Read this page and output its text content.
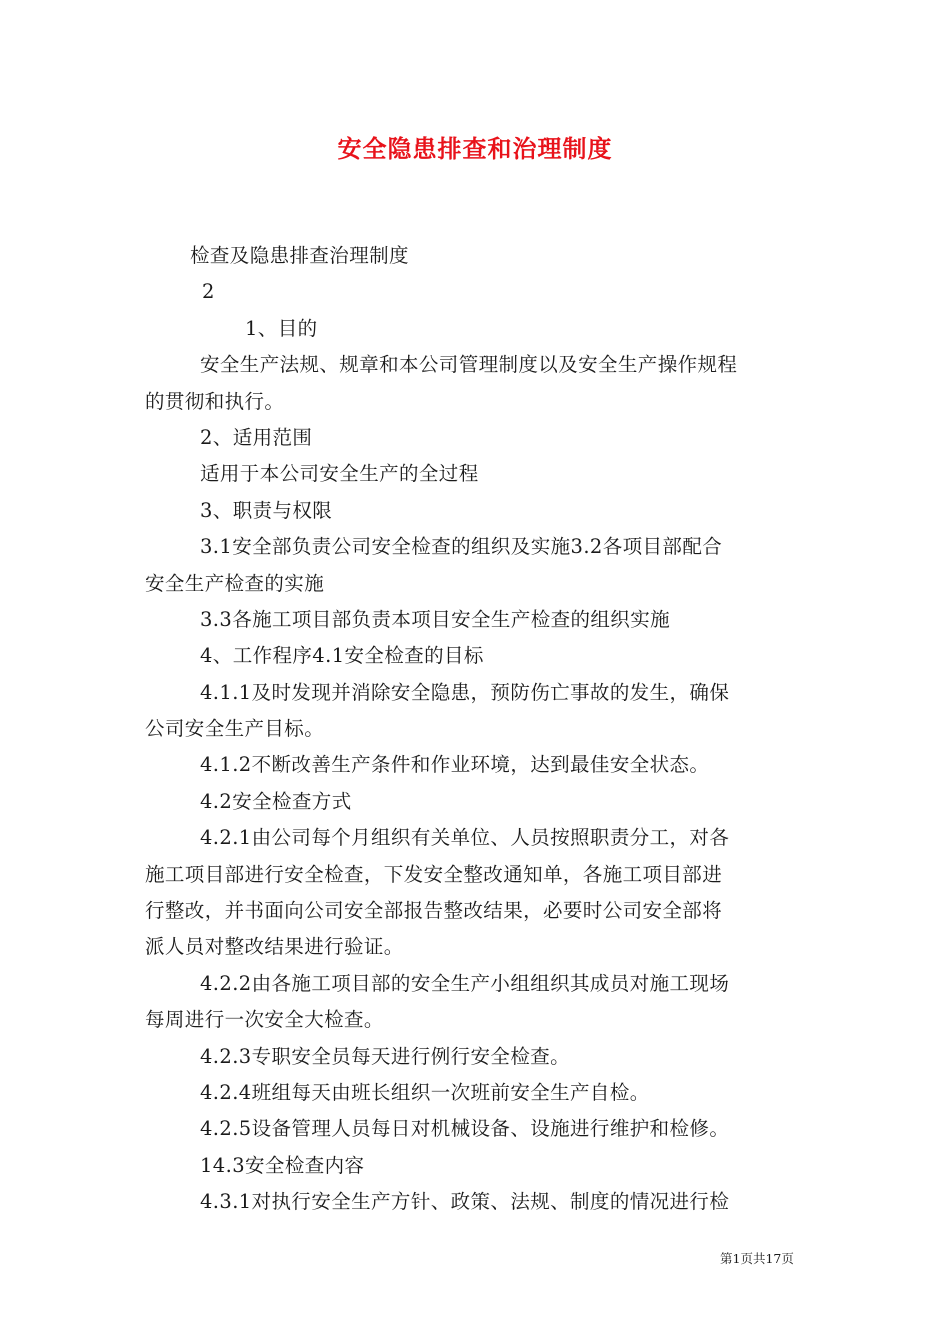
安全隐患排查和治理制度
检查及隐患排查治理制度
2
1、目的
安全生产法规、规章和本公司管理制度以及安全生产操作规程
的贯彻和执行。
2、适用范围
适用于本公司安全生产的全过程
3、职责与权限
3.1安全部负责公司安全检查的组织及实施3.2各项目部配合
安全生产检查的实施
3.3各施工项目部负责本项目安全生产检查的组织实施
4、工作程序4.1安全检查的目标
4.1.1及时发现并消除安全隐患，预防伤亡事故的发生，确保
公司安全生产目标。
4.1.2不断改善生产条件和作业环境，达到最佳安全状态。
4.2安全检查方式
4.2.1由公司每个月组织有关单位、人员按照职责分工，对各
施工项目部进行安全检查，下发安全整改通知单，各施工项目部进
行整改，并书面向公司安全部报告整改结果，必要时公司安全部将
派人员对整改结果进行验证。
4.2.2由各施工项目部的安全生产小组组织其成员对施工现场
每周进行一次安全大检查。
4.2.3专职安全员每天进行例行安全检查。
4.2.4班组每天由班长组织一次班前安全生产自检。
4.2.5设备管理人员每日对机械设备、设施进行维护和检修。
14.3安全检查内容
4.3.1对执行安全生产方针、政策、法规、制度的情况进行检
第1页共17页
